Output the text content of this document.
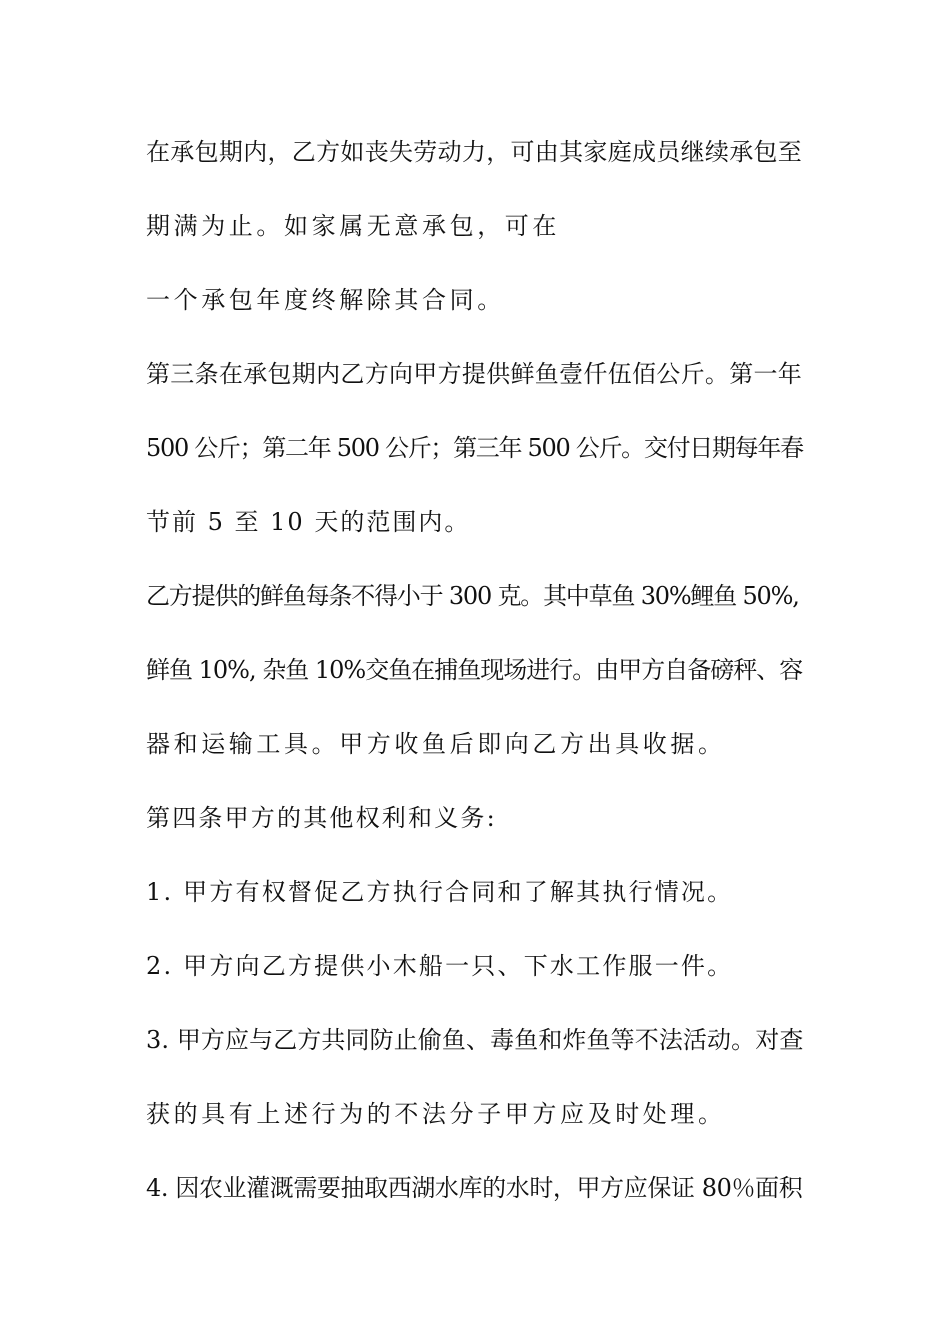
在承包期内，乙方如丧失劳动力，可由其家庭成员继续承包至

期满为止。如家属无意承包，可在

一个承包年度终解除其合同。

第三条在承包期内乙方向甲方提供鲜鱼壹仟伍佰公斤。第一年

500 公斤；第二年 500 公斤；第三年 500 公斤。交付日期每年春

节前 5 至 10 天的范围内。

乙方提供的鲜鱼每条不得小于 300 克。其中草鱼 30%鲤鱼 50%,

鲜鱼 10%, 杂鱼 10%交鱼在捕鱼现场进行。由甲方自备磅秤、容

器和运输工具。甲方收鱼后即向乙方出具收据。

第四条甲方的其他权利和义务:

1. 甲方有权督促乙方执行合同和了解其执行情况。

2. 甲方向乙方提供小木船一只、下水工作服一件。

3. 甲方应与乙方共同防止偷鱼、毒鱼和炸鱼等不法活动。对查

获的具有上述行为的不法分子甲方应及时处理。

4. 因农业灌溉需要抽取西湖水库的水时，甲方应保证 80％面积
